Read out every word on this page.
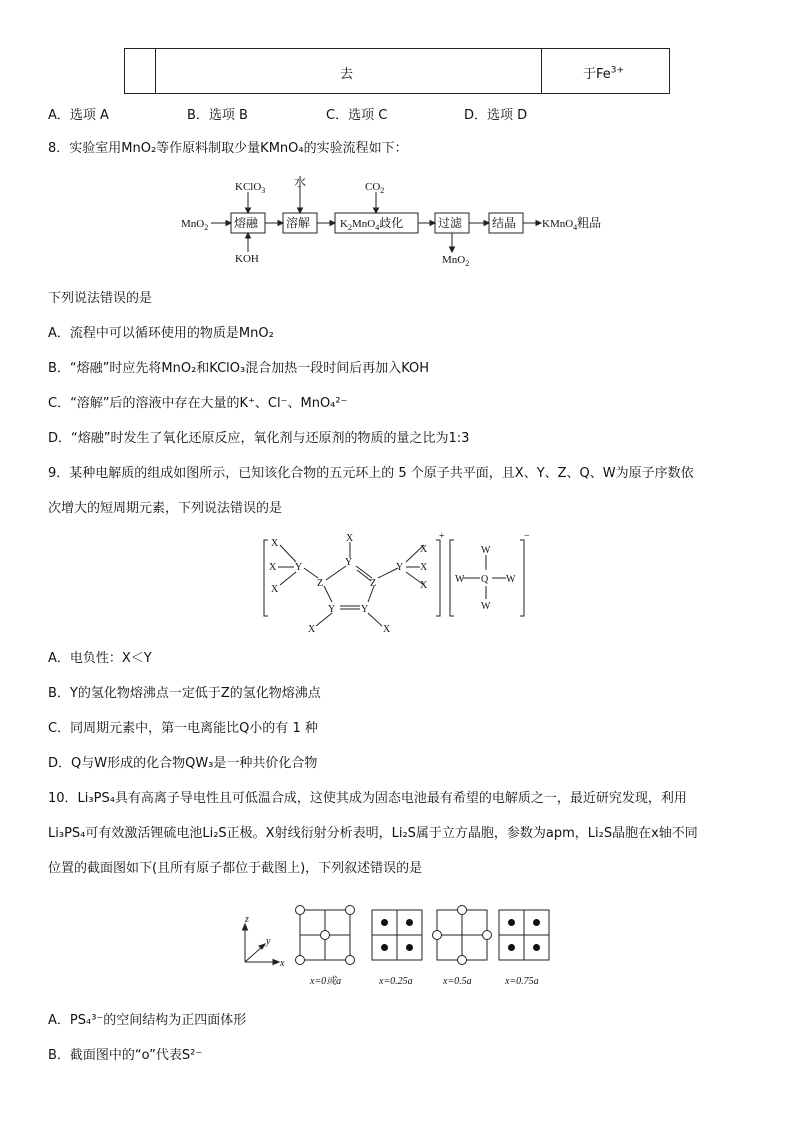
去	于$Fe^{3+}$
A．选项 A	B．选项 B	C．选项 C	D．选项 D
8．实验室用MnO₂等作原料制取少量KMnO₄的实验流程如下：
MnO$_2$ 熔融 溶解	$K_2MnO_4$歧化	过滤 结晶 KMnO$_4$粗品
KClO$_3$
KOH
水	$CO_2$
MnO$_2$
下列说法错误的是
A．流程中可以循环使用的物质是MnO₂
B．“熔融”时应先将MnO₂和KClO₃混合加热一段时间后再加入KOH
C．“溶解”后的溶液中存在大量的K⁺、Cl⁻、MnO₄²⁻
D．“熔融”时发生了氧化还原反应，氧化剂与还原剂的物质的量之比为1:3
9．某种电解质的组成如图所示，已知该化合物的五元环上的 5 个原子共平面，且X、Y、Z、Q、W为原子序数依
次增大的短周期元素，下列说法错误的是
X
X
X
Y
Z
Y
X
Z
Y
X
X
X
Y	Y
X	X
+
W
W Q W
W
−
A．电负性：X＜Y
B．Y的氢化物熔沸点一定低于Z的氢化物熔沸点
C．同周期元素中，第一电离能比Q小的有 1 种
D．Q与W形成的化合物QW₃是一种共价化合物
10．Li₃PS₄具有高离子导电性且可低温合成，这使其成为固态电池最有希望的电解质之一，最近研究发现，利用
Li₃PS₄可有效激活锂硫电池Li₂S正极。X射线衍射分析表明，Li₂S属于立方晶胞，参数为apm，Li₂S晶胞在x轴不同
位置的截面图如下(且所有原子都位于截图上)，下列叙述错误的是
z
y
x
x=0或a	x=0.25a	x=0.5a	x=0.75a
A．PS₄³⁻的空间结构为正四面体形
B．截面图中的“o”代表S²⁻
